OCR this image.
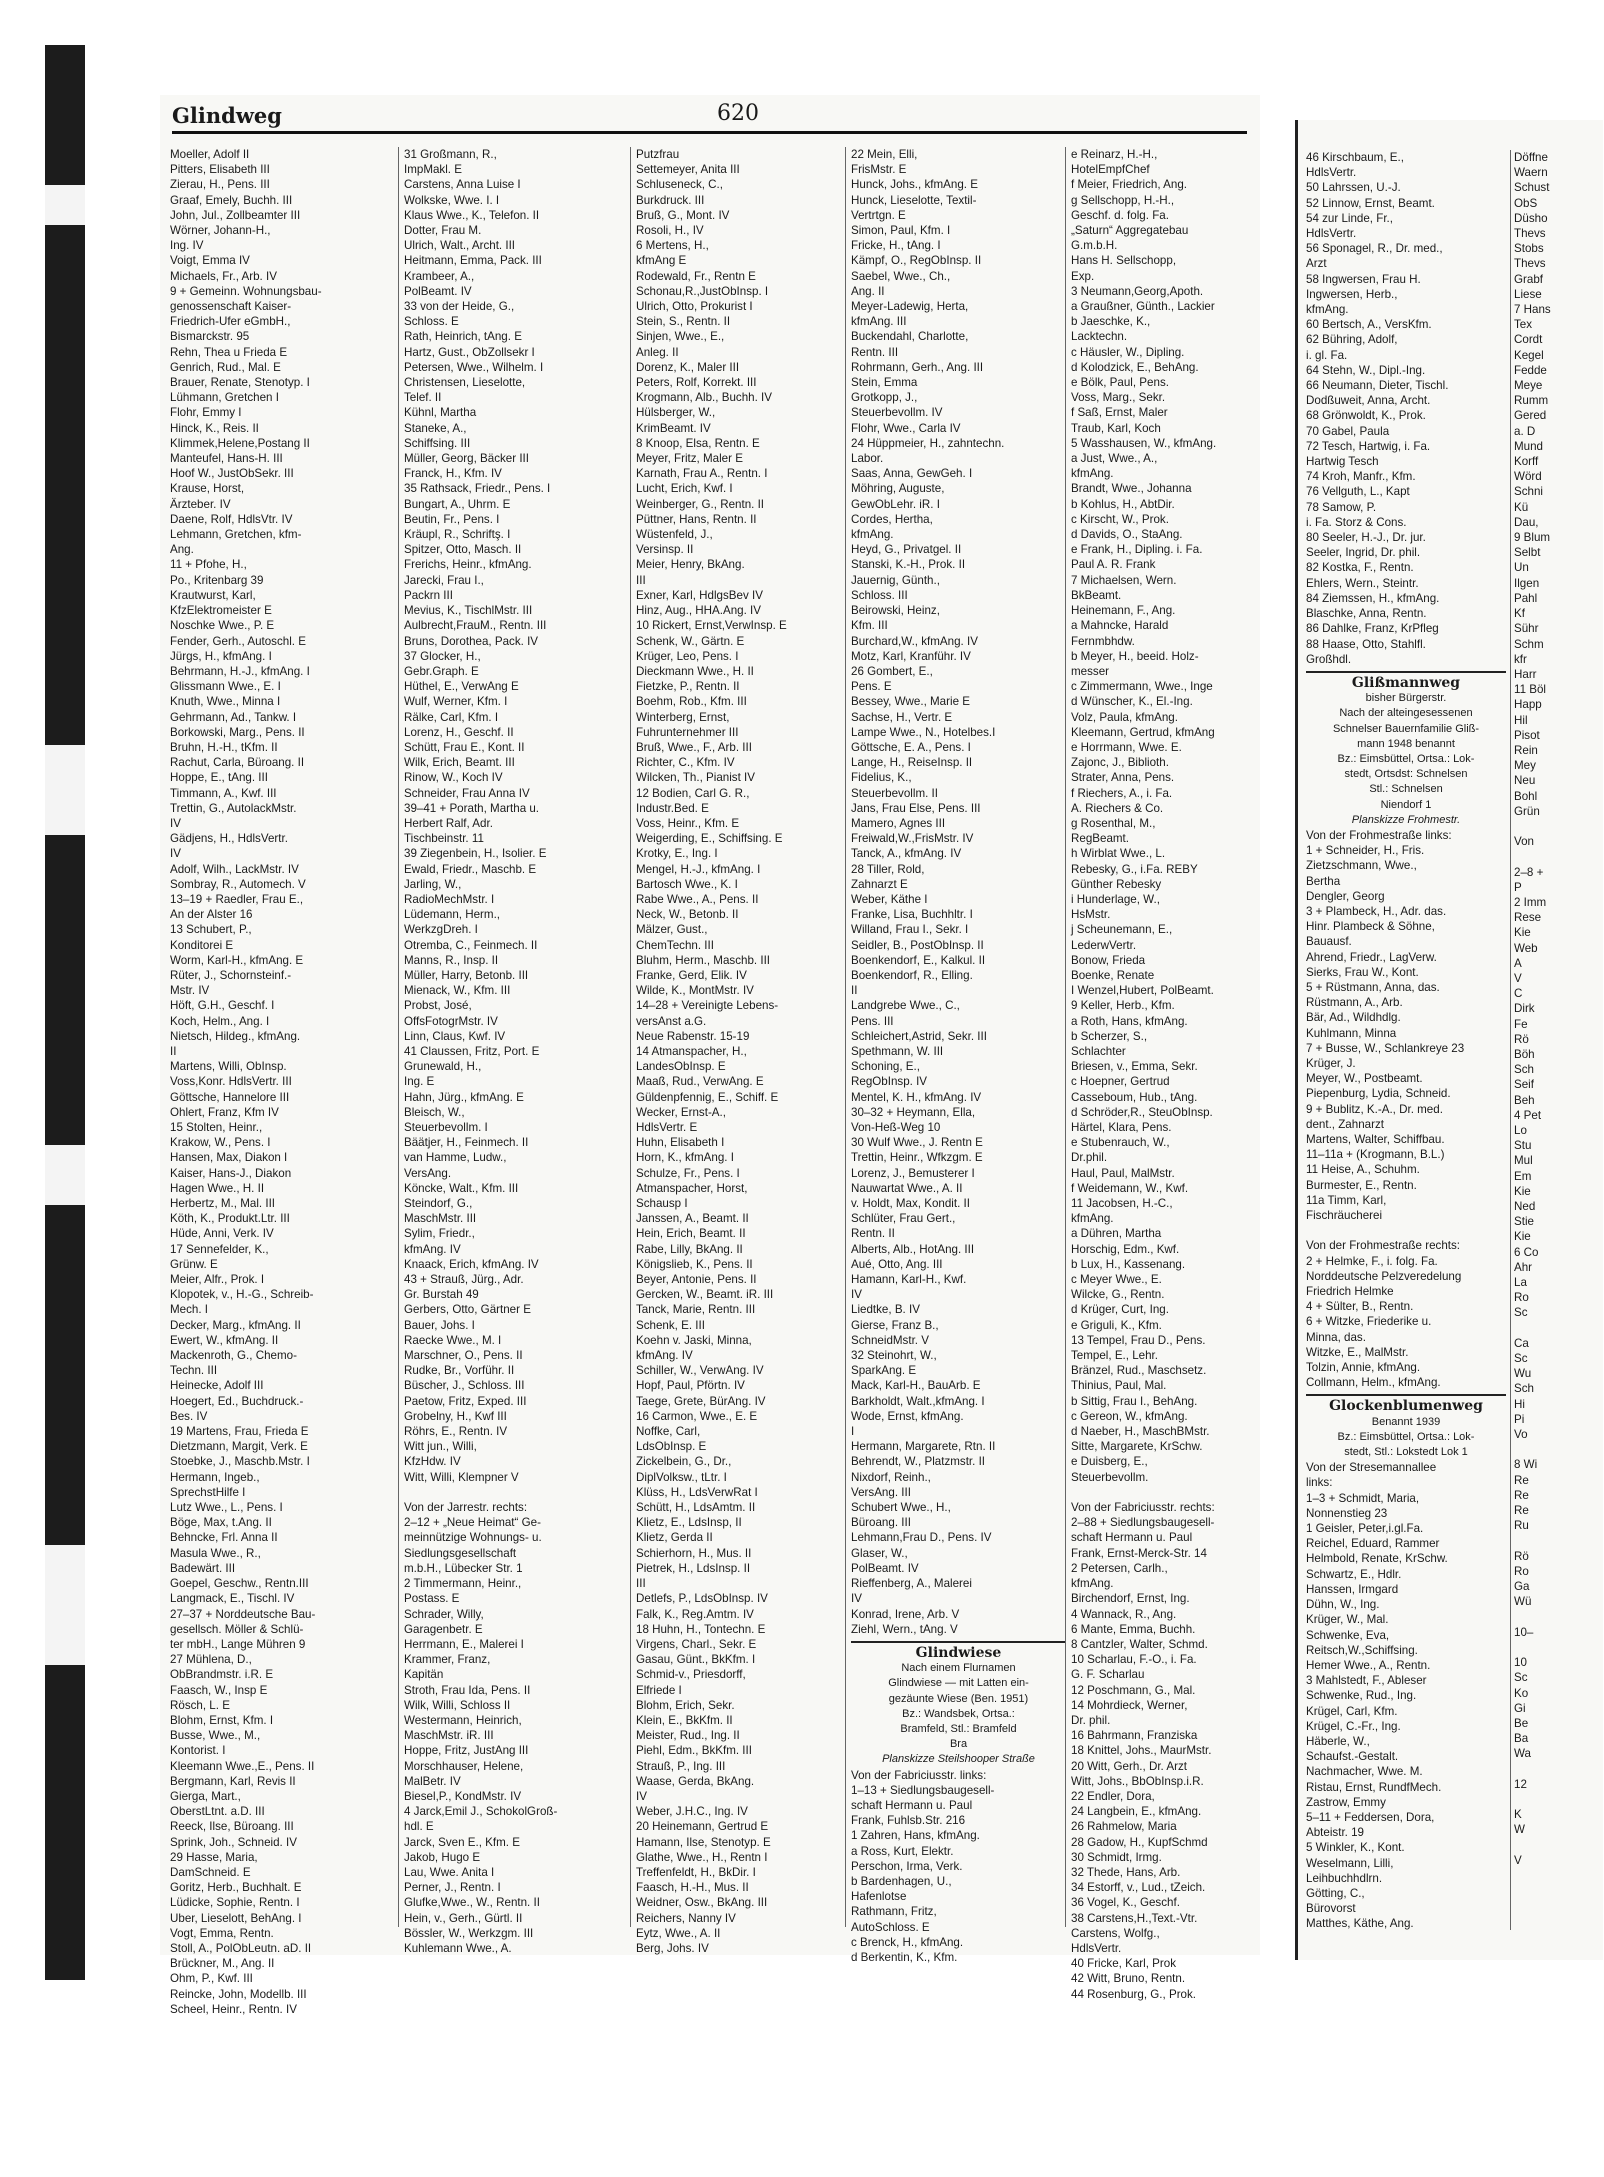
Glindweg	620
Moeller, Adolf II
Pitters, Elisabeth III
Zierau, H., Pens. III
Graaf, Emely, Buchh. III
John, Jul., Zollbeamter III
Wörner, Johann-H.,
Ing. IV
Voigt, Emma IV
Michaels, Fr., Arb. IV
9 + Gemeinn. Wohnungsbau-
genossenschaft Kaiser-
Friedrich-Ufer eGmbH.,
Bismarckstr. 95
Rehn, Thea u Frieda E
Genrich, Rud., Mal. E
Brauer, Renate, Stenotyp. I
Lühmann, Gretchen I
Flohr, Emmy I
Hinck, K., Reis. II
Klimmek,Helene,Postang II
Manteufel, Hans-H. III
Hoof W., JustObSekr. III
Krause, Horst,
Ärzteber. IV
Daene, Rolf, HdlsVtr. IV
Lehmann, Gretchen, kfm-
Ang.
11 + Pfohe, H.,
Po., Kritenbarg 39
Krautwurst, Karl,
KfzElektromeister E
Noschke Wwe., P. E
Fender, Gerh., Autoschl. E
Jürgs, H., kfmAng. I
Behrmann, H.-J., kfmAng. I
Glissmann Wwe., E. I
Knuth, Wwe., Minna I
Gehrmann, Ad., Tankw. I
Borkowski, Marg., Pens. II
Bruhn, H.-H., tKfm. II
Rachut, Carla, Büroang. II
Hoppe, E., tAng. III
Timmann, A., Kwf. III
Trettin, G., AutolackMstr.
IV
Gädjens, H., HdlsVertr.
IV
Adolf, Wilh., LackMstr. IV
Sombray, R., Automech. V
13–19 + Raedler, Frau E.,
An der Alster 16
13 Schubert, P.,
Konditorei E
Worm, Karl-H., kfmAng. E
Rüter, J., Schornsteinf.-
Mstr. IV
Höft, G.H., Geschf. I
Koch, Helm., Ang. I
Nietsch, Hildeg., kfmAng.
II
Martens, Willi, ObInsp.
Voss,Konr. HdlsVertr. III
Göttsche, Hannelore III
Ohlert, Franz, Kfm IV
15 Stolten, Heinr.,
Krakow, W., Pens. I
Hansen, Max, Diakon I
Kaiser, Hans-J., Diakon
Hagen Wwe., H. II
Herbertz, M., Mal. III
Köth, K., Produkt.Ltr. III
Hüde, Anni, Verk. IV
17 Sennefelder, K.,
Grünw. E
Meier, Alfr., Prok. I
Klopotek, v., H.-G., Schreib-
Mech. I
Decker, Marg., kfmAng. II
Ewert, W., kfmAng. II
Mackenroth, G., Chemo-
Techn. III
Heinecke, Adolf III
Hoegert, Ed., Buchdruck.-
Bes. IV
19 Martens, Frau, Frieda E
Dietzmann, Margit, Verk. E
Stoebke, J., Maschb.Mstr. I
Hermann, Ingeb.,
SprechstHilfe I
Lutz Wwe., L., Pens. I
Böge, Max, t.Ang. II
Behncke, Frl. Anna II
Masula Wwe., R.,
Badewärt. III
Goepel, Geschw., Rentn.III
Langmack, E., Tischl. IV
27–37 + Norddeutsche Bau-
gesellsch. Möller & Schlü-
ter mbH., Lange Mühren 9
27 Mühlena, D.,
ObBrandmstr. i.R. E
Faasch, W., Insp E
Rösch, L. E
Blohm, Ernst, Kfm. I
Busse, Wwe., M.,
Kontorist. I
Kleemann Wwe.,E., Pens. II
Bergmann, Karl, Revis II
Gierga, Mart.,
OberstLtnt. a.D. III
Reeck, Ilse, Büroang. III
Sprink, Joh., Schneid. IV
29 Hasse, Maria,
DamSchneid. E
Goritz, Herb., Buchhalt. E
Lüdicke, Sophie, Rentn. I
Uber, Lieselott, BehAng. I
Vogt, Emma, Rentn.
Stoll, A., PolObLeutn. aD. II
Brückner, M., Ang. II
Ohm, P., Kwf. III
Reincke, John, Modellb. III
Scheel, Heinr., Rentn. IV
31 Großmann, R.,
ImpMakl. E
Carstens, Anna Luise I
Wolkske, Wwe. I. I
Klaus Wwe., K., Telefon. II
Dotter, Frau M.
Ulrich, Walt., Archt. III
Heitmann, Emma, Pack. III
Krambeer, A.,
PolBeamt. IV
33 von der Heide, G.,
Schloss. E
Rath, Heinrich, tAng. E
Hartz, Gust., ObZollsekr I
Petersen, Wwe., Wilhelm. I
Christensen, Lieselotte,
Telef. II
Kühnl, Martha
Staneke, A.,
Schiffsing. III
Müller, Georg, Bäcker III
Franck, H., Kfm. IV
35 Rathsack, Friedr., Pens. I
Bungart, A., Uhrm. E
Beutin, Fr., Pens. I
Kräupl, R., Schriftş. I
Spitzer, Otto, Masch. II
Frerichs, Heinr., kfmAng.
Jarecki, Frau I.,
Packrn III
Mevius, K., TischlMstr. III
Aulbrecht,FrauM., Rentn. III
Bruns, Dorothea, Pack. IV
37 Glocker, H.,
Gebr.Graph. E
Hüthel, E., VerwAng E
Wulf, Werner, Kfm. I
Rälke, Carl, Kfm. I
Lorenz, H., Geschf. II
Schütt, Frau E., Kont. II
Wilk, Erich, Beamt. III
Rinow, W., Koch IV
Schneider, Frau Anna IV
39–41 + Porath, Martha u.
Herbert Ralf, Adr.
Tischbeinstr. 11
39 Ziegenbein, H., Isolier. E
Ewald, Friedr., Maschb. E
Jarling, W.,
RadioMechMstr. I
Lüdemann, Herm.,
WerkzgDreh. I
Otremba, C., Feinmech. II
Manns, R., Insp. II
Müller, Harry, Betonb. III
Mienack, W., Kfm. III
Probst, José,
OffsFotogrMstr. IV
Linn, Claus, Kwf. IV
41 Claussen, Fritz, Port. E
Grunewald, H.,
Ing. E
Hahn, Jürg., kfmAng. E
Bleisch, W.,
Steuerbevollm. I
Bäätjer, H., Feinmech. II
van Hamme, Ludw.,
VersAng.
Köncke, Walt., Kfm. III
Steindorf, G.,
MaschMstr. III
Sylim, Friedr.,
kfmAng. IV
Knaack, Erich, kfmAng. IV
43 + Strauß, Jürg., Adr.
Gr. Burstah 49
Gerbers, Otto, Gärtner E
Bauer, Johs. I
Raecke Wwe., M. I
Marschner, O., Pens. II
Rudke, Br., Vorführ. II
Büscher, J., Schloss. III
Paetow, Fritz, Exped. III
Grobelny, H., Kwf III
Röhrs, E., Rentn. IV
Witt jun., Willi,
KfzHdw. IV
Witt, Willi, Klempner V

Von der Jarrestr. rechts:
2–12 + „Neue Heimat“ Ge-
meinnützige Wohnungs- u.
Siedlungsgesellschaft
m.b.H., Lübecker Str. 1
2 Timmermann, Heinr.,
Postass. E
Schrader, Willy,
Garagenbetr. E
Herrmann, E., Malerei I
Krammer, Franz,
Kapitän
Stroth, Frau Ida, Pens. II
Wilk, Willi, Schloss II
Westermann, Heinrich,
MaschMstr. iR. III
Hoppe, Fritz, JustAng III
Morschhauser, Helene,
MalBetr. IV
Biesel,P., KondMstr. IV
4 Jarck,Emil J., SchokolGroß-
hdl. E
Jarck, Sven E., Kfm. E
Jakob, Hugo E
Lau, Wwe. Anita I
Perner, J., Rentn. I
Glufke,Wwe., W., Rentn. II
Hein, v., Gerh., Gürtl. II
Bössler, W., Werkzgm. III
Kuhlemann Wwe., A.
Putzfrau
Settemeyer, Anita III
Schluseneck, C.,
Burkdruck. III
Bruß, G., Mont. IV
Rosoli, H., IV
6 Mertens, H.,
kfmAng E
Rodewald, Fr., Rentn E
Schonau,R.,JustObInsp. I
Ulrich, Otto, Prokurist I
Stein, S., Rentn. II
Sinjen, Wwe., E.,
Anleg. II
Dorenz, K., Maler III
Peters, Rolf, Korrekt. III
Krogmann, Alb., Buchh. IV
Hülsberger, W.,
KrimBeamt. IV
8 Knoop, Elsa, Rentn. E
Meyer, Fritz, Maler E
Karnath, Frau A., Rentn. I
Lucht, Erich, Kwf. I
Weinberger, G., Rentn. II
Püttner, Hans, Rentn. II
Wüstenfeld, J.,
Versinsp. II
Meier, Henry, BkAng.
III
Exner, Karl, HdlgsBev IV
Hinz, Aug., HHA.Ang. IV
10 Rickert, Ernst,VerwInsp. E
Schenk, W., Gärtn. E
Krüger, Leo, Pens. I
Dieckmann Wwe., H. II
Fietzke, P., Rentn. II
Boehm, Rob., Kfm. III
Winterberg, Ernst,
Fuhrunternehmer III
Bruß, Wwe., F., Arb. III
Richter, C., Kfm. IV
Wilcken, Th., Pianist IV
12 Bodien, Carl G. R.,
Industr.Bed. E
Voss, Heinr., Kfm. E
Weigerding, E., Schiffsing. E
Krotky, E., Ing. I
Mengel, H.-J., kfmAng. I
Bartosch Wwe., K. I
Rabe Wwe., A., Pens. II
Neck, W., Betonb. II
Mälzer, Gust.,
ChemTechn. III
Bluhm, Herm., Maschb. III
Franke, Gerd, Elik. IV
Wilde, K., MontMstr. IV
14–28 + Vereinigte Lebens-
versAnst a.G.
Neue Rabenstr. 15-19
14 Atmanspacher, H.,
LandesObInsp. E
Maaß, Rud., VerwAng. E
Güldenpfennig, E., Schiff. E
Wecker, Ernst-A.,
HdlsVertr. E
Huhn, Elisabeth I
Horn, K., kfmAng. I
Schulze, Fr., Pens. I
Atmanspacher, Horst,
Schausp I
Janssen, A., Beamt. II
Hein, Erich, Beamt. II
Rabe, Lilly, BkAng. II
Königslieb, K., Pens. II
Beyer, Antonie, Pens. II
Gercken, W., Beamt. iR. III
Tanck, Marie, Rentn. III
Schenk, E. III
Koehn v. Jaski, Minna,
kfmAng. IV
Schiller, W., VerwAng. IV
Hopf, Paul, Pförtn. IV
Taege, Grete, BürAng. IV
16 Carmon, Wwe., E. E
Noffke, Carl,
LdsObInsp. E
Zickelbein, G., Dr.,
DiplVolksw., tLtr. I
Klüss, H., LdsVerwRat I
Schütt, H., LdsAmtm. II
Klietz, E., LdsInsp, II
Klietz, Gerda II
Schierhorn, H., Mus. II
Pietrek, H., LdsInsp. II
III
Detlefs, P., LdsObInsp. IV
Falk, K., Reg.Amtm. IV
18 Huhn, H., Tontechn. E
Virgens, Charl., Sekr. E
Gasau, Günt., BkKfm. I
Schmid-v., Priesdorff,
Elfriede I
Blohm, Erich, Sekr.
Klein, E., BkKfm. II
Meister, Rud., Ing. II
Piehl, Edm., BkKfm. III
Strauß, P., Ing. III
Waase, Gerda, BkAng.
IV
Weber, J.H.C., Ing. IV
20 Heinemann, Gertrud E
Hamann, Ilse, Stenotyp. E
Glathe, Wwe., H., Rentn I
Treffenfeldt, H., BkDir. I
Faasch, H.-H., Mus. II
Weidner, Osw., BkAng. III
Reichers, Nanny IV
Eytz, Wwe., A. II
Berg, Johs. IV
22 Mein, Elli,
FrisMstr. E
Hunck, Johs., kfmAng. E
Hunck, Lieselotte, Textil-
Vertrtgn. E
Simon, Paul, Kfm. I
Fricke, H., tAng. I
Kämpf, O., RegObInsp. II
Saebel, Wwe., Ch.,
Ang. II
Meyer-Ladewig, Herta,
kfmAng. III
Buckendahl, Charlotte,
Rentn. III
Rohrmann, Gerh., Ang. III
Stein, Emma
Grotkopp, J.,
Steuerbevollm. IV
Flohr, Wwe., Carla IV
24 Hüppmeier, H., zahntechn.
Labor.
Saas, Anna, GewGeh. I
Möhring, Auguste,
GewObLehr. iR. I
Cordes, Hertha,
kfmAng.
Heyd, G., Privatgel. II
Stanski, K.-H., Prok. II
Jauernig, Günth.,
Schloss. III
Beirowski, Heinz,
Kfm. III
Burchard,W., kfmAng. IV
Motz, Karl, Kranführ. IV
26 Gombert, E.,
Pens. E
Bessey, Wwe., Marie E
Sachse, H., Vertr. E
Lampe Wwe., N., Hotelbes.I
Göttsche, E. A., Pens. I
Lange, H., ReiseInsp. II
Fidelius, K.,
Steuerbevollm. II
Jans, Frau Else, Pens. III
Mamero, Agnes III
Freiwald,W.,FrisMstr. IV
Tanck, A., kfmAng. IV
28 Tiller, Rold,
Zahnarzt E
Weber, Käthe I
Franke, Lisa, Buchhltr. I
Willand, Frau I., Sekr. I
Seidler, B., PostObInsp. II
Boenkendorf, E., Kalkul. II
Boenkendorf, R., Elling.
II
Landgrebe Wwe., C.,
Pens. III
Schleichert,Astrid, Sekr. III
Spethmann, W. III
Schoning, E.,
RegObInsp. IV
Mentel, K. H., kfmAng. IV
30–32 + Heymann, Ella,
Von-Heß-Weg 10
30 Wulf Wwe., J. Rentn E
Trettin, Heinr., Wfkzgm. E
Lorenz, J., Bemusterer I
Nauwartat Wwe., A. II
v. Holdt, Max, Kondit. II
Schlüter, Frau Gert.,
Rentn. II
Alberts, Alb., HotAng. III
Aué, Otto, Ang. III
Hamann, Karl-H., Kwf.
IV
Liedtke, B. IV
Gierse, Franz B.,
SchneidMstr. V
32 Steinohrt, W.,
SparkAng. E
Mack, Karl-H., BauArb. E
Barkholdt, Walt.,kfmAng. I
Wode, Ernst, kfmAng.
I
Hermann, Margarete, Rtn. II
Behrendt, W., Platzmstr. II
Nixdorf, Reinh.,
VersAng. III
Schubert Wwe., H.,
Büroang. III
Lehmann,Frau D., Pens. IV
Glaser, W.,
PolBeamt. IV
Rieffenberg, A., Malerei
IV
Konrad, Irene, Arb. V
Ziehl, Wern., tAng. V
Glindwiese
Nach einem Flurnamen
Glindwiese — mit Latten ein-
gezäunte Wiese (Ben. 1951)
Bz.: Wandsbek, Ortsa.:
Bramfeld, Stl.: Bramfeld
Bra
Planskizze Steilshooper Straße
Von der Fabriciusstr. links:
1–13 + Siedlungsbaugesell-
schaft Hermann u. Paul
Frank, Fuhlsb.Str. 216
1 Zahren, Hans, kfmAng.
a Ross, Kurt, Elektr.
Perschon, Irma, Verk.
b Bardenhagen, U.,
Hafenlotse
Rathmann, Fritz,
AutoSchloss. E
c Brenck, H., kfmAng.
d Berkentin, K., Kfm.
e Reinarz, H.-H.,
HotelEmpfChef
f Meier, Friedrich, Ang.
g Sellschopp, H.-H.,
Geschf. d. folg. Fa.
„Saturn“ Aggregatebau
G.m.b.H.
Hans H. Sellschopp,
Exp.
3 Neumann,Georg,Apoth.
a Graußner, Günth., Lackier
b Jaeschke, K.,
Lacktechn.
c Häusler, W., Dipling.
d Kolodzick, E., BehAng.
e Bölk, Paul, Pens.
Voss, Marg., Sekr.
f Saß, Ernst, Maler
Traub, Karl, Koch
5 Wasshausen, W., kfmAng.
a Just, Wwe., A.,
kfmAng.
Brandt, Wwe., Johanna
b Kohlus, H., AbtDir.
c Kirscht, W., Prok.
d Davids, O., StaAng.
e Frank, H., Dipling. i. Fa.
Paul A. R. Frank
7 Michaelsen, Wern.
BkBeamt.
Heinemann, F., Ang.
a Mahncke, Harald
Fernmbhdw.
b Meyer, H., beeid. Holz-
messer
c Zimmermann, Wwe., Inge
d Wünscher, K., El.-Ing.
Volz, Paula, kfmAng.
Kleemann, Gertrud, kfmAng
e Horrmann, Wwe. E.
Zajonc, J., Biblioth.
Strater, Anna, Pens.
f Riechers, A., i. Fa.
A. Riechers & Co.
g Rosenthal, M.,
RegBeamt.
h Wirblat Wwe., L.
Rebesky, G., i.Fa. REBY
Günther Rebesky
i Hunderlage, W.,
HsMstr.
j Scheunemann, E.,
LederwVertr.
Bonow, Frieda
Boenke, Renate
I Wenzel,Hubert, PolBeamt.
9 Keller, Herb., Kfm.
a Roth, Hans, kfmAng.
b Scherzer, S.,
Schlachter
Briesen, v., Emma, Sekr.
c Hoepner, Gertrud
Casseboum, Hub., tAng.
d Schröder,R., SteuObInsp.
Härtel, Klara, Pens.
e Stubenrauch, W.,
Dr.phil.
Haul, Paul, MalMstr.
f Weidemann, W., Kwf.
11 Jacobsen, H.-C.,
kfmAng.
a Dühren, Martha
Horschig, Edm., Kwf.
b Lux, H., Kassenang.
c Meyer Wwe., E.
Wilcke, G., Rentn.
d Krüger, Curt, Ing.
e Griguli, K., Kfm.
13 Tempel, Frau D., Pens.
Tempel, E., Lehr.
Bränzel, Rud., Maschsetz.
Thinius, Paul, Mal.
b Sittig, Frau I., BehAng.
c Gereon, W., kfmAng.
d Naeber, H., MaschBMstr.
Sitte, Margarete, KrSchw.
e Duisberg, E.,
Steuerbevollm.

Von der Fabriciusstr. rechts:
2–88 + Siedlungsbaugesell-
schaft Hermann u. Paul
Frank, Ernst-Merck-Str. 14
2 Petersen, Carlh.,
kfmAng.
Birchendorf, Ernst, Ing.
4 Wannack, R., Ang.
6 Mante, Emma, Buchh.
8 Cantzler, Walter, Schmd.
10 Scharlau, F.-O., i. Fa.
G. F. Scharlau
12 Poschmann, G., Mal.
14 Mohrdieck, Werner,
Dr. phil.
16 Bahrmann, Franziska
18 Knittel, Johs., MaurMstr.
20 Witt, Gerh., Dr. Arzt
Witt, Johs., BbObInsp.i.R.
22 Endler, Dora,
24 Langbein, E., kfmAng.
26 Rahmelow, Maria
28 Gadow, H., KupfSchmd
30 Schmidt, Irmg.
32 Thede, Hans, Arb.
34 Estorff, v., Lud., tZeich.
36 Vogel, K., Geschf.
38 Carstens,H.,Text.-Vtr.
Carstens, Wolfg.,
HdlsVertr.
40 Fricke, Karl, Prok
42 Witt, Bruno, Rentn.
44 Rosenburg, G., Prok.
46 Kirschbaum, E.,
HdlsVertr.
50 Lahrssen, U.-J.
52 Linnow, Ernst, Beamt.
54 zur Linde, Fr.,
HdlsVertr.
56 Sponagel, R., Dr. med.,
Arzt
58 Ingwersen, Frau H.
Ingwersen, Herb.,
kfmAng.
60 Bertsch, A., VersKfm.
62 Bühring, Adolf,
i. gl. Fa.
64 Stehn, W., Dipl.-Ing.
66 Neumann, Dieter, Tischl.
Dodßuweit, Anna, Archt.
68 Grönwoldt, K., Prok.
70 Gabel, Paula
72 Tesch, Hartwig, i. Fa.
Hartwig Tesch
74 Kroh, Manfr., Kfm.
76 Vellguth, L., Kapt
78 Samow, P.
i. Fa. Storz & Cons.
80 Seeler, H.-J., Dr. jur.
Seeler, Ingrid, Dr. phil.
82 Kostka, F., Rentn.
Ehlers, Wern., Steintr.
84 Ziemssen, H., kfmAng.
Blaschke, Anna, Rentn.
86 Dahlke, Franz, KrPfleg
88 Haase, Otto, Stahlfl.
Großhdl.
Glißmannweg
bisher Bürgerstr.
Nach der alteingesessenen
Schnelser Bauernfamilie Gliß-
mann 1948 benannt
Bz.: Eimsbüttel, Ortsa.: Lok-
stedt, Ortsdst: Schnelsen
Stl.: Schnelsen
Niendorf 1
Planskizze Frohmestr.
Von der Frohmestraße links:
1 + Schneider, H., Fris.
Zietzschmann, Wwe.,
Bertha
Dengler, Georg
3 + Plambeck, H., Adr. das.
Hinr. Plambeck & Söhne,
Bauausf.
Ahrend, Friedr., LagVerw.
Sierks, Frau W., Kont.
5 + Rüstmann, Anna, das.
Rüstmann, A., Arb.
Bär, Ad., Wildhdlg.
Kuhlmann, Minna
7 + Busse, W., Schlankreye 23
Krüger, J.
Meyer, W., Postbeamt.
Piepenburg, Lydia, Schneid.
9 + Bublitz, K.-A., Dr. med.
dent., Zahnarzt
Martens, Walter, Schiffbau.
11–11a + (Krogmann, B.L.)
11 Heise, A., Schuhm.
Burmester, E., Rentn.
11a Timm, Karl,
Fischräucherei

Von der Frohmestraße rechts:
2 + Helmke, F., i. folg. Fa.
Norddeutsche Pelzveredelung
Friedrich Helmke
4 + Sülter, B., Rentn.
6 + Witzke, Friederike u.
Minna, das.
Witzke, E., MalMstr.
Tolzin, Annie, kfmAng.
Collmann, Helm., kfmAng.
Glockenblumenweg
Benannt 1939
Bz.: Eimsbüttel, Ortsa.: Lok-
stedt, Stl.: Lokstedt Lok 1
Von der Stresemannallee
links:
1–3 + Schmidt, Maria,
Nonnenstieg 23
1 Geisler, Peter,i.gl.Fa.
Reichel, Eduard, Rammer
Helmbold, Renate, KrSchw.
Schwartz, E., Hdlr.
Hanssen, Irmgard
Dühn, W., Ing.
Krüger, W., Mal.
Schwenke, Eva,
Reitsch,W.,Schiffsing.
Hemer Wwe., A., Rentn.
3 Mahlstedt, F., Ableser
Schwenke, Rud., Ing.
Krügel, Carl, Kfm.
Krügel, C.-Fr., Ing.
Häberle, W.,
Schaufst.-Gestalt.
Nachmacher, Wwe. M.
Ristau, Ernst, RundfMech.
Zastrow, Emmy
5–11 + Feddersen, Dora,
Abteistr. 19
5 Winkler, K., Kont.
Weselmann, Lilli,
Leihbuchhdlrn.
Götting, C.,
Bürovorst
Matthes, Käthe, Ang.
Döffne
Waern
Schust
ObS
Düsho
Thevs
Stobs
Thevs
Grabf
Liese
7 Hans
Tex
Cordt
Kegel
Fedde
Meye
Rumm
Gered
a. D
Mund
Korff
Wörd
Schni
Kü
Dau,
9 Blum
Selbt
Un
Ilgen
Pahl
Kf
Sühr
Schm
kfr
Harr
11 Böl
Happ
Hil
Pisot
Rein
Mey
Neu
Bohl
Grün

Von

2–8 +
P
2 Imm
Rese
Kie
Web
A
V
C
Dirk
Fe
Rö
Böh
Sch
Seif
Beh
4 Pet
Lo
Stu
Mul
Em
Kie
Ned
Stie
Kie
6 Co
Ahr
La
Ro
Sc

Ca
Sc
Wu
Sch
Hi
Pi
Vo

8 Wi
Re
Re
Re
Ru

Rö
Ro
Ga
Wü

10–

10
Sc
Ko
Gi
Be
Ba
Wa

12

K
W

V
